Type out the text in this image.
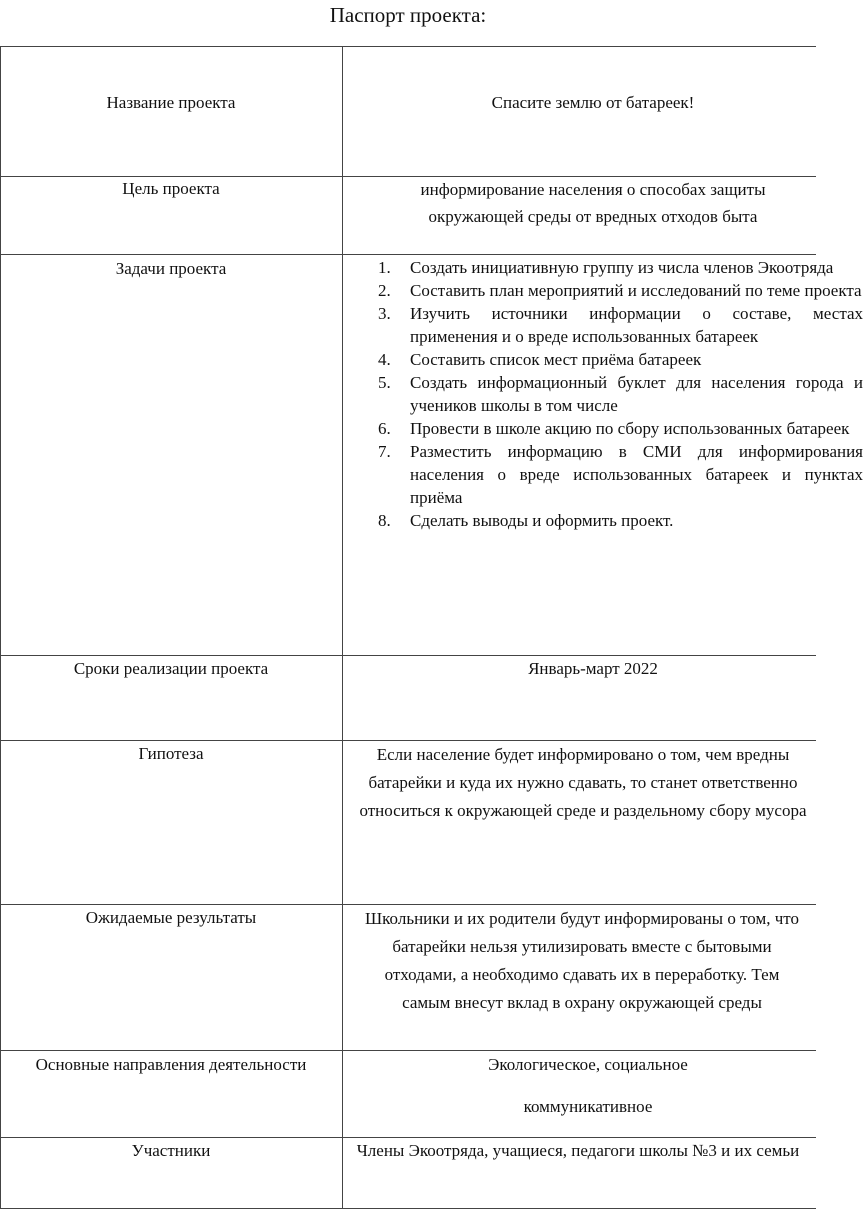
Паспорт проекта:
Название проекта	Спасите землю от батареек!
Цель проекта	информирование населения о способах защиты окружающей среды от вредных отходов быта
Задачи проекта	1. Создать инициативную группу из числа членов Экоотряда
2. Составить план мероприятий и исследований по теме проекта
3. Изучить источники информации о составе, местах применения и о вреде использованных батареек
4. Составить список мест приёма батареек
5. Создать информационный буклет для населения города и учеников школы в том числе
6. Провести в школе акцию по сбору использованных батареек
7. Разместить информацию в СМИ для информирования населения о вреде использованных батареек и пунктах приёма
8. Сделать выводы и оформить проект.
Сроки реализации проекта	Январь-март 2022
Гипотеза	Если население будет информировано о том, чем вредны батарейки и куда их нужно сдавать, то станет ответственно относиться к окружающей среде и раздельному сбору мусора
Ожидаемые результаты	Школьники и их родители будут информированы о том, что батарейки нельзя утилизировать вместе с бытовыми отходами, а необходимо сдавать их в переработку. Тем самым внесут вклад в охрану окружающей среды
Основные направления деятельности	Экологическое, социальное
коммуникативное
Участники	Члены Экоотряда, учащиеся, педагоги школы №3 и их семьи
